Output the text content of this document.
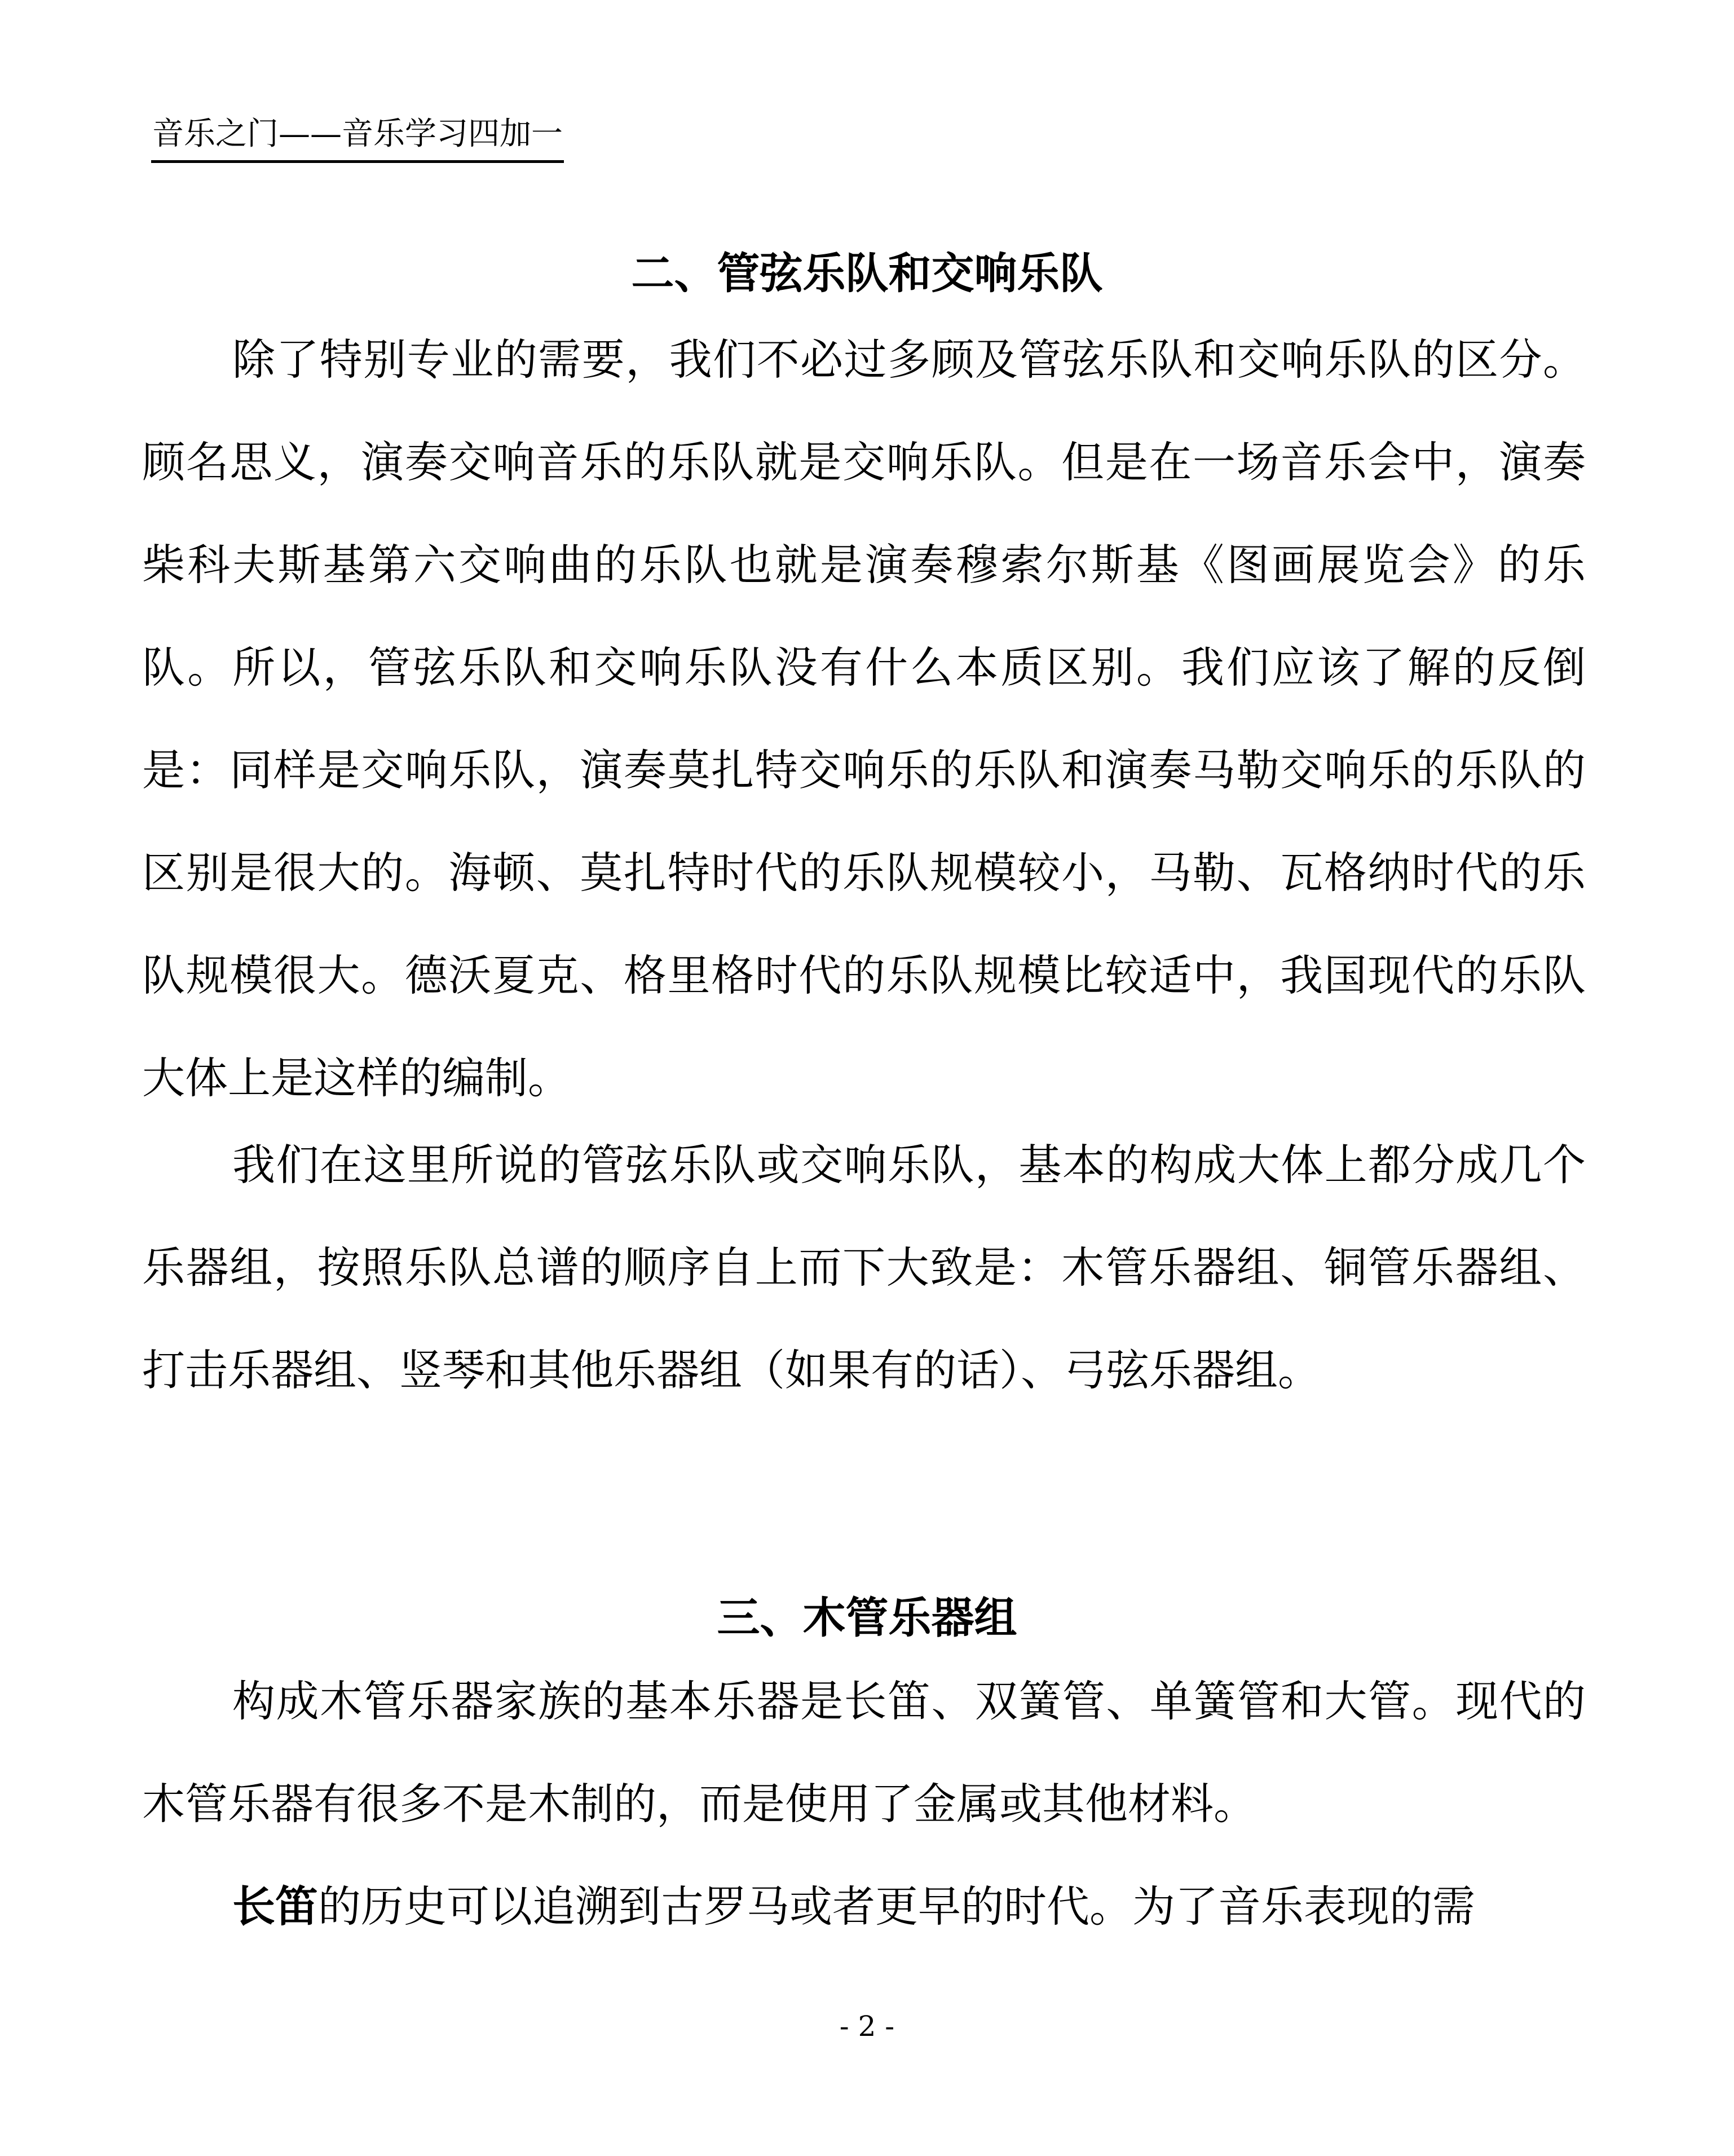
音乐之门——音乐学习四加一
二、管弦乐队和交响乐队

除了特别专业的需要，我们不必过多顾及管弦乐队和交响乐队的区分。顾名思义，演奏交响音乐的乐队就是交响乐队。但是在一场音乐会中，演奏柴科夫斯基第六交响曲的乐队也就是演奏穆索尔斯基《图画展览会》的乐队。所以，管弦乐队和交响乐队没有什么本质区别。我们应该了解的反倒是：同样是交响乐队，演奏莫扎特交响乐的乐队和演奏马勒交响乐的乐队的区别是很大的。海顿、莫扎特时代的乐队规模较小，马勒、瓦格纳时代的乐队规模很大。德沃夏克、格里格时代的乐队规模比较适中，我国现代的乐队大体上是这样的编制。

我们在这里所说的管弦乐队或交响乐队，基本的构成大体上都分成几个乐器组，按照乐队总谱的顺序自上而下大致是：木管乐器组、铜管乐器组、打击乐器组、竖琴和其他乐器组（如果有的话）、弓弦乐器组。

三、木管乐器组

构成木管乐器家族的基本乐器是长笛、双簧管、单簧管和大管。现代的木管乐器有很多不是木制的，而是使用了金属或其他材料。

长笛的历史可以追溯到古罗马或者更早的时代。为了音乐表现的需

- 2 -
